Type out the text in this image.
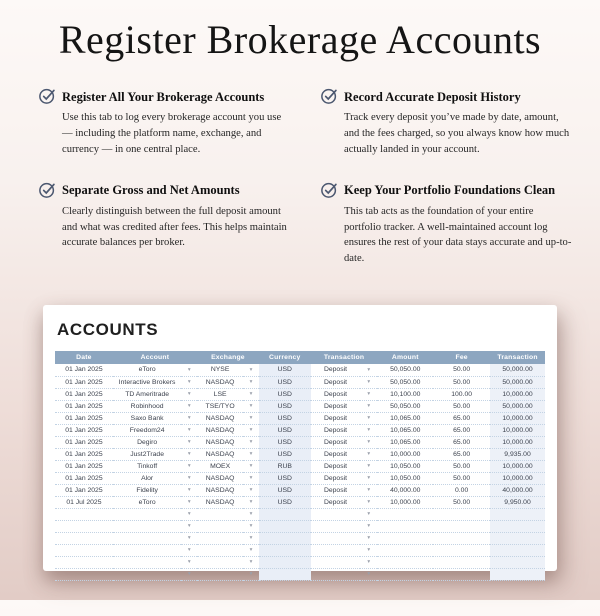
Register Brokerage Accounts
Register All Your Brokerage Accounts

Use this tab to log every brokerage account you use — including the platform name, exchange, and currency — in one central place.

Record Accurate Deposit History

Track every deposit you’ve made by date, amount, and the fees charged, so you always know how much actually landed in your account.

Separate Gross and Net Amounts

Clearly distinguish between the full deposit amount and what was credited after fees. This helps maintain accurate balances per broker.

Keep Your Portfolio Foundations Clean

This tab acts as the foundation of your entire portfolio tracker. A well-maintained account log ensures the rest of your data stays accurate and up-to-date.

ACCOUNTS
Date	Account		Exchange		Currency	Transaction		Amount	Fee	Transaction
01 Jan 2025	eToro	▾	NYSE	▾	USD	Deposit	▾	50,050.00	50.00	50,000.00
01 Jan 2025	Interactive Brokers	▾	NASDAQ	▾	USD	Deposit	▾	50,050.00	50.00	50,000.00
01 Jan 2025	TD Ameritrade	▾	LSE	▾	USD	Deposit	▾	10,100.00	100.00	10,000.00
01 Jan 2025	Robinhood	▾	TSE/TYO	▾	USD	Deposit	▾	50,050.00	50.00	50,000.00
01 Jan 2025	Saxo Bank	▾	NASDAQ	▾	USD	Deposit	▾	10,065.00	65.00	10,000.00
01 Jan 2025	Freedom24	▾	NASDAQ	▾	USD	Deposit	▾	10,065.00	65.00	10,000.00
01 Jan 2025	Degiro	▾	NASDAQ	▾	USD	Deposit	▾	10,065.00	65.00	10,000.00
01 Jan 2025	Just2Trade	▾	NASDAQ	▾	USD	Deposit	▾	10,000.00	65.00	9,935.00
01 Jan 2025	Tinkoff	▾	MOEX	▾	RUB	Deposit	▾	10,050.00	50.00	10,000.00
01 Jan 2025	Alor	▾	NASDAQ	▾	USD	Deposit	▾	10,050.00	50.00	10,000.00
01 Jan 2025	Fidelity	▾	NASDAQ	▾	USD	Deposit	▾	40,000.00	0.00	40,000.00
01 Jul 2025	eToro	▾	NASDAQ	▾	USD	Deposit	▾	10,000.00	50.00	9,950.00
		▾		▾			▾			
		▾		▾			▾			
		▾		▾			▾			
		▾		▾			▾			
		▾		▾			▾			
		▾		▾			▾			
